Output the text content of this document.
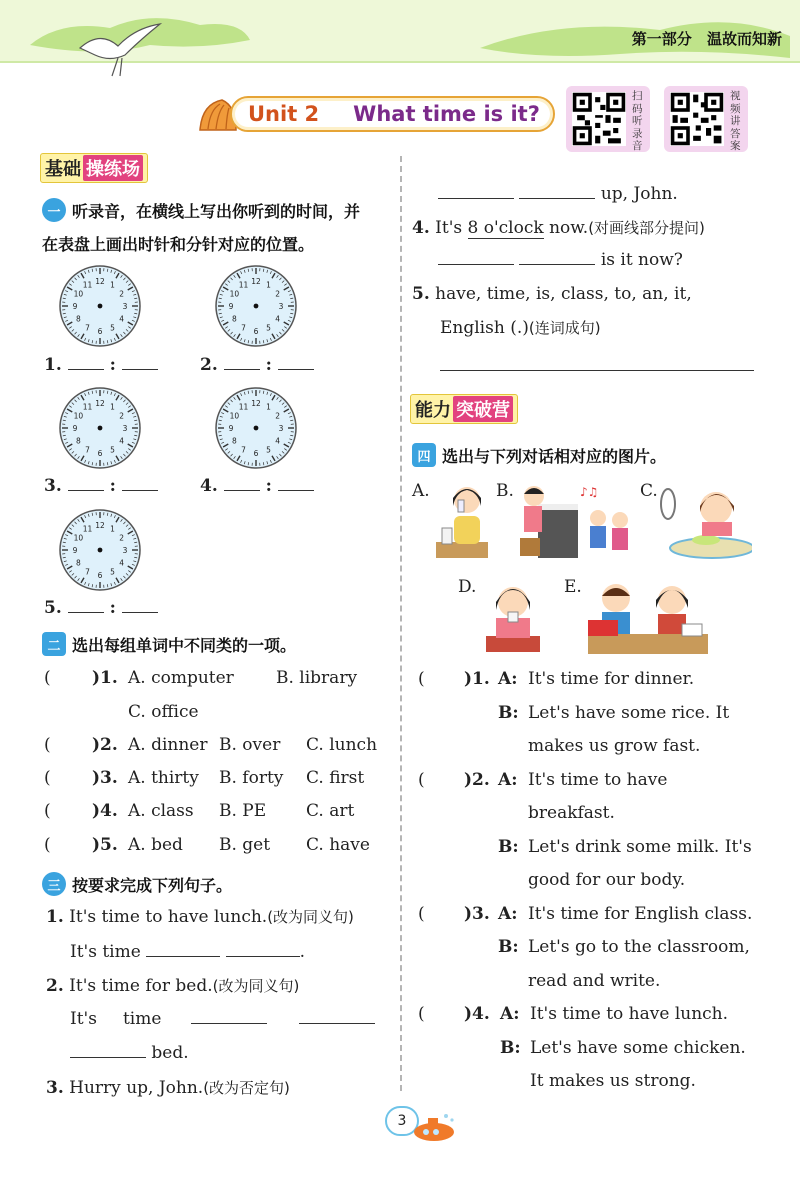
第一部分 温故而知新
Unit 2 What time is it?
扫码听录音
视频讲答案
基础 操练场
一 听录音，在横线上写出你听到的时间，并
在表盘上画出时针和分针对应的位置。
1
2
3
4
5
6
7
8
9
10
11 12	1
2
3
4
5
6
7
8
9
10
11 12
1
2
3
4
5
6
7
8
9
10
11 12	1
2
3
4
5
6
7
8
9
10
11 12
1
2
3
4
5
6
7
8
9
10
11 12
1.	:	2.	:
3.	:	4.	:
5.	:
二 选出每组单词中不同类的一项。
( )1. A. computer B. library
C. office
( )2. A. dinner B. over C. lunch
( )3. A. thirty B. forty C. first
( )4. A. class B. PE C. art
( )5. A. bed B. get C. have
三 按要求完成下列句子。
1. It's time to have lunch.(改为同义句)
It's time	.
2. It's time for bed.(改为同义句)
It's time
bed.
3. Hurry up, John.(改为否定句)
up, John.
4. It's 8 o'clock now.(对画线部分提问)
is it now?
5. have, time, is, class, to, an, it,
English (.)(连词成句)
能力 突破营
四 选出与下列对话相对应的图片。
A.	B.	C.
D.	E.
♪♫
( )1. A: It's time for dinner.
B: Let's have some rice. It
makes us grow fast.
( )2. A: It's time to have
breakfast.
B: Let's drink some milk. It's
good for our body.
( )3. A: It's time for English class.
B: Let's go to the classroom,
read and write.
( )4. A: It's time to have lunch.
B: Let's have some chicken.
It makes us strong.
3
